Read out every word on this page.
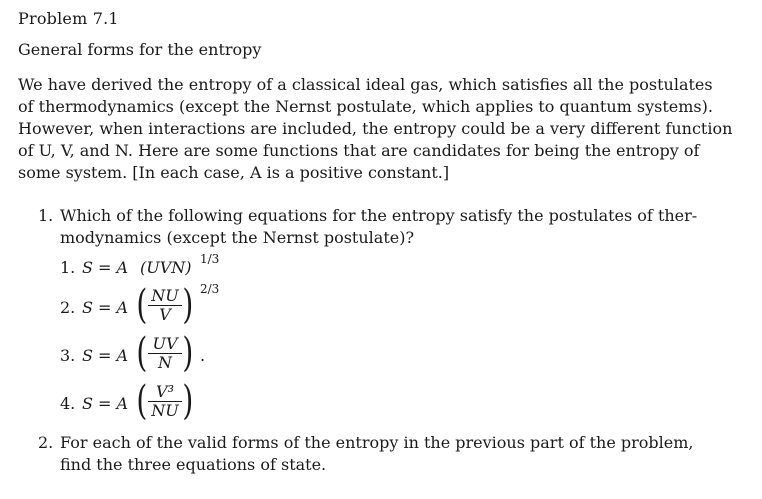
Problem 7.1
General forms for the entropy
We have derived the entropy of a classical ideal gas, which satisfies all the postulates
of thermodynamics (except the Nernst postulate, which applies to quantum systems).
However, when interactions are included, the entropy could be a very different function
of U, V, and N. Here are some functions that are candidates for being the entropy of
some system. [In each case, A is a positive constant.]
1. Which of the following equations for the entropy satisfy the postulates of ther-
modynamics (except the Nernst postulate)?
1. S = A (UVN) 1/3
2. S = A ( NU
V ) 2/3
3. S = A ( UV
N ) .
4. S = A ( V³
NU )
2. For each of the valid forms of the entropy in the previous part of the problem,
find the three equations of state.
